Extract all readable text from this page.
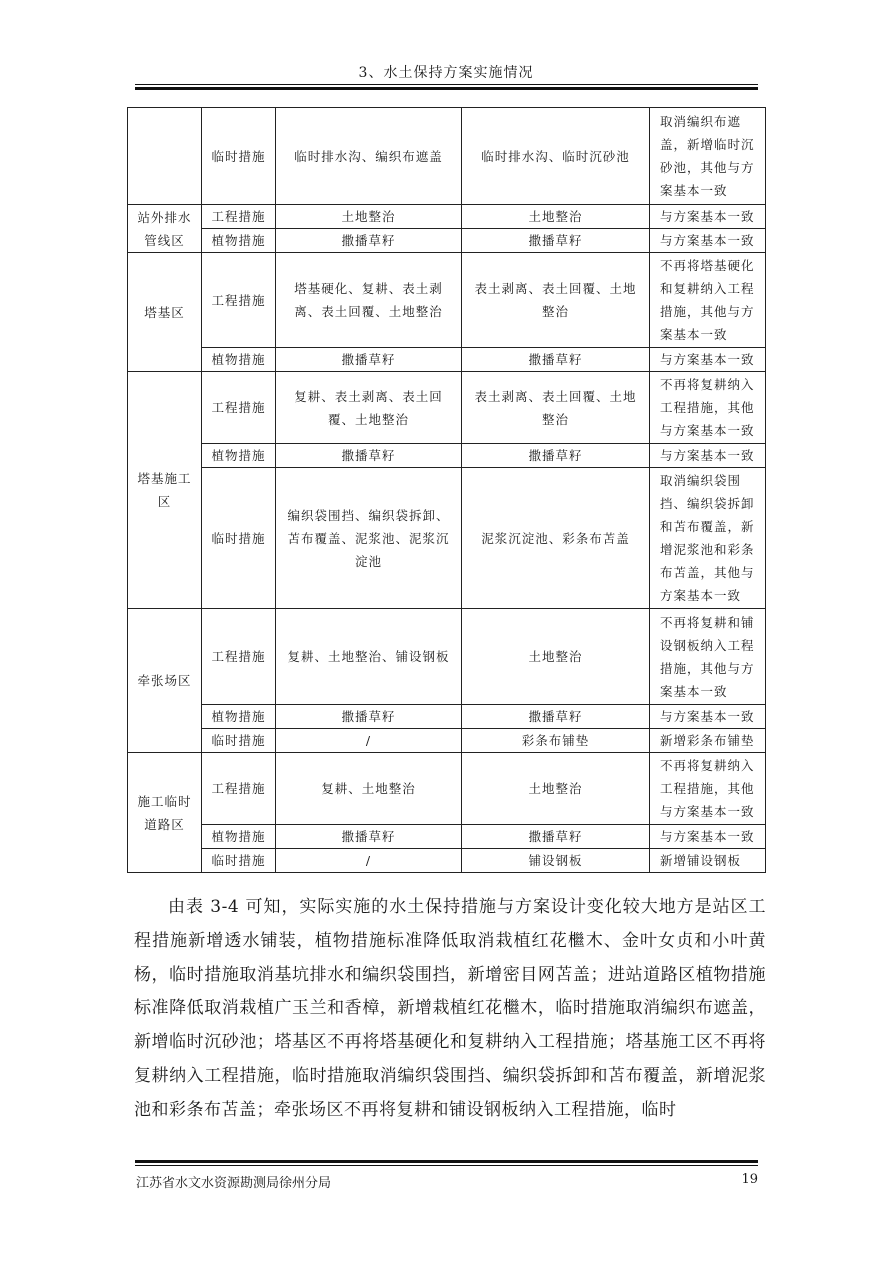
3、水土保持方案实施情况
	临时措施	临时排水沟、编织布遮盖	临时排水沟、临时沉砂池	取消编织布遮盖，新增临时沉砂池，其他与方案基本一致
站外排水管线区	工程措施	土地整治	土地整治	与方案基本一致
	植物措施	撒播草籽	撒播草籽	与方案基本一致
塔基区	工程措施	塔基硬化、复耕、表土剥离、表土回覆、土地整治	表土剥离、表土回覆、土地整治	不再将塔基硬化和复耕纳入工程措施，其他与方案基本一致
	植物措施	撒播草籽	撒播草籽	与方案基本一致
塔基施工区	工程措施	复耕、表土剥离、表土回覆、土地整治	表土剥离、表土回覆、土地整治	不再将复耕纳入工程措施，其他与方案基本一致
	植物措施	撒播草籽	撒播草籽	与方案基本一致
	临时措施	编织袋围挡、编织袋拆卸、苫布覆盖、泥浆池、泥浆沉淀池	泥浆沉淀池、彩条布苫盖	取消编织袋围挡、编织袋拆卸和苫布覆盖，新增泥浆池和彩条布苫盖，其他与方案基本一致
牵张场区	工程措施	复耕、土地整治、铺设钢板	土地整治	不再将复耕和铺设钢板纳入工程措施，其他与方案基本一致
	植物措施	撒播草籽	撒播草籽	与方案基本一致
	临时措施	/	彩条布铺垫	新增彩条布铺垫
施工临时道路区	工程措施	复耕、土地整治	土地整治	不再将复耕纳入工程措施，其他与方案基本一致
	植物措施	撒播草籽	撒播草籽	与方案基本一致
	临时措施	/	铺设钢板	新增铺设钢板

由表 3-4 可知，实际实施的水土保持措施与方案设计变化较大地方是站区工程措施新增透水铺装，植物措施标准降低取消栽植红花檵木、金叶女贞和小叶黄杨，临时措施取消基坑排水和编织袋围挡，新增密目网苫盖；进站道路区植物措施标准降低取消栽植广玉兰和香樟，新增栽植红花檵木，临时措施取消编织布遮盖，新增临时沉砂池；塔基区不再将塔基硬化和复耕纳入工程措施；塔基施工区不再将复耕纳入工程措施，临时措施取消编织袋围挡、编织袋拆卸和苫布覆盖，新增泥浆池和彩条布苫盖；牵张场区不再将复耕和铺设钢板纳入工程措施，临时

江苏省水文水资源勘测局徐州分局	19
